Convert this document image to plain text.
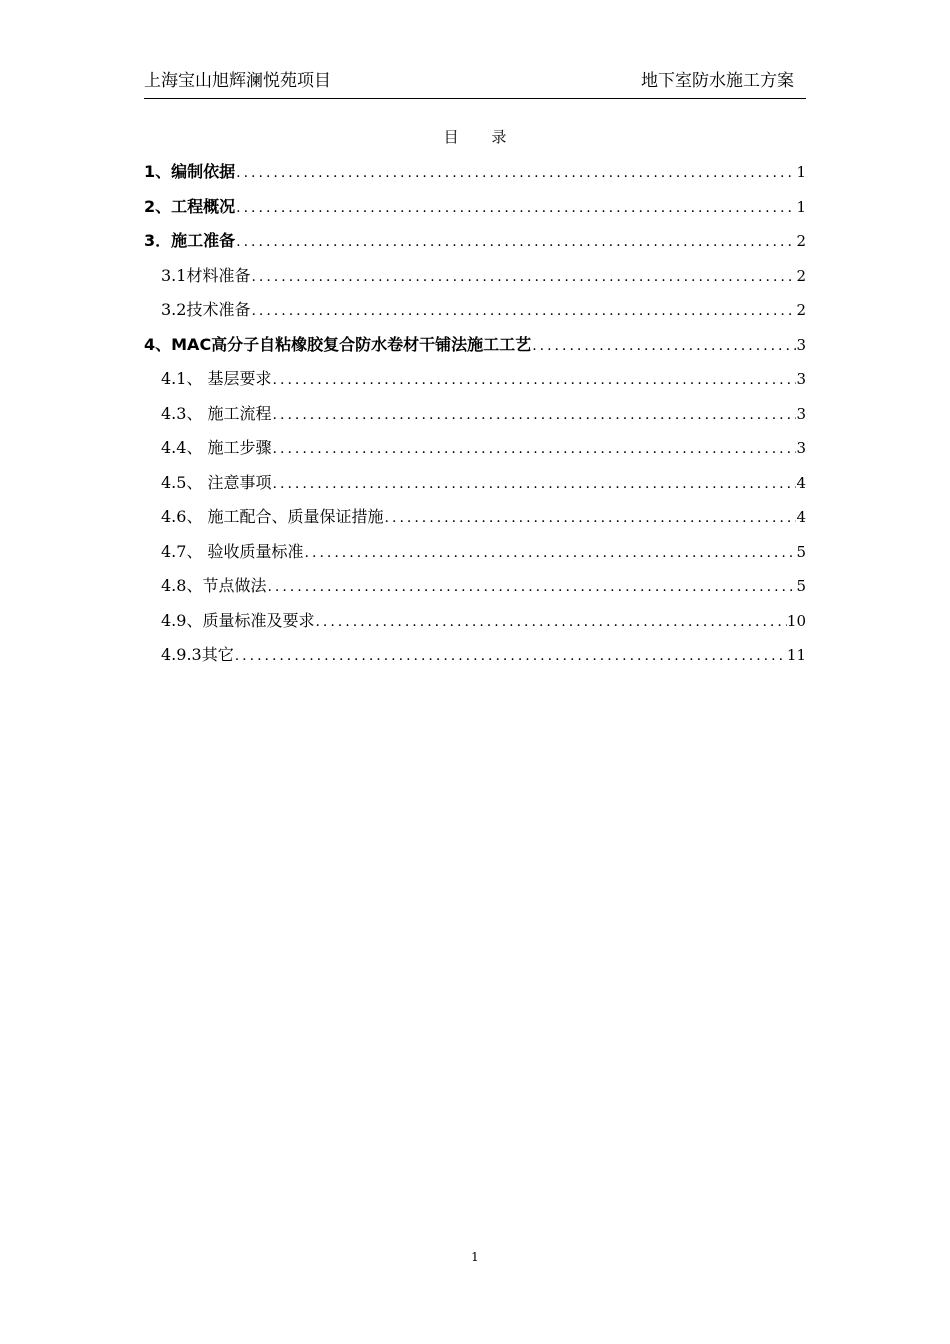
上海宝山旭辉澜悦苑项目	地下室防水施工方案
目 录
1、编制依据 .....	1
2、工程概况 .....	1
3．施工准备 .....	2
3.1材料准备 .....	2
3.2技术准备 .....	2
4、MAC高分子自粘橡胶复合防水卷材干铺法施工工艺 .....	3
4.1、 基层要求 .....	3
4.3、 施工流程 .....	3
4.4、 施工步骤 .....	3
4.5、 注意事项 .....	4
4.6、 施工配合、质量保证措施 .....	4
4.7、 验收质量标准 .....	5
4.8、节点做法 .....	5
4.9、质量标准及要求 .....	10
4.9.3其它 .....	11
1
